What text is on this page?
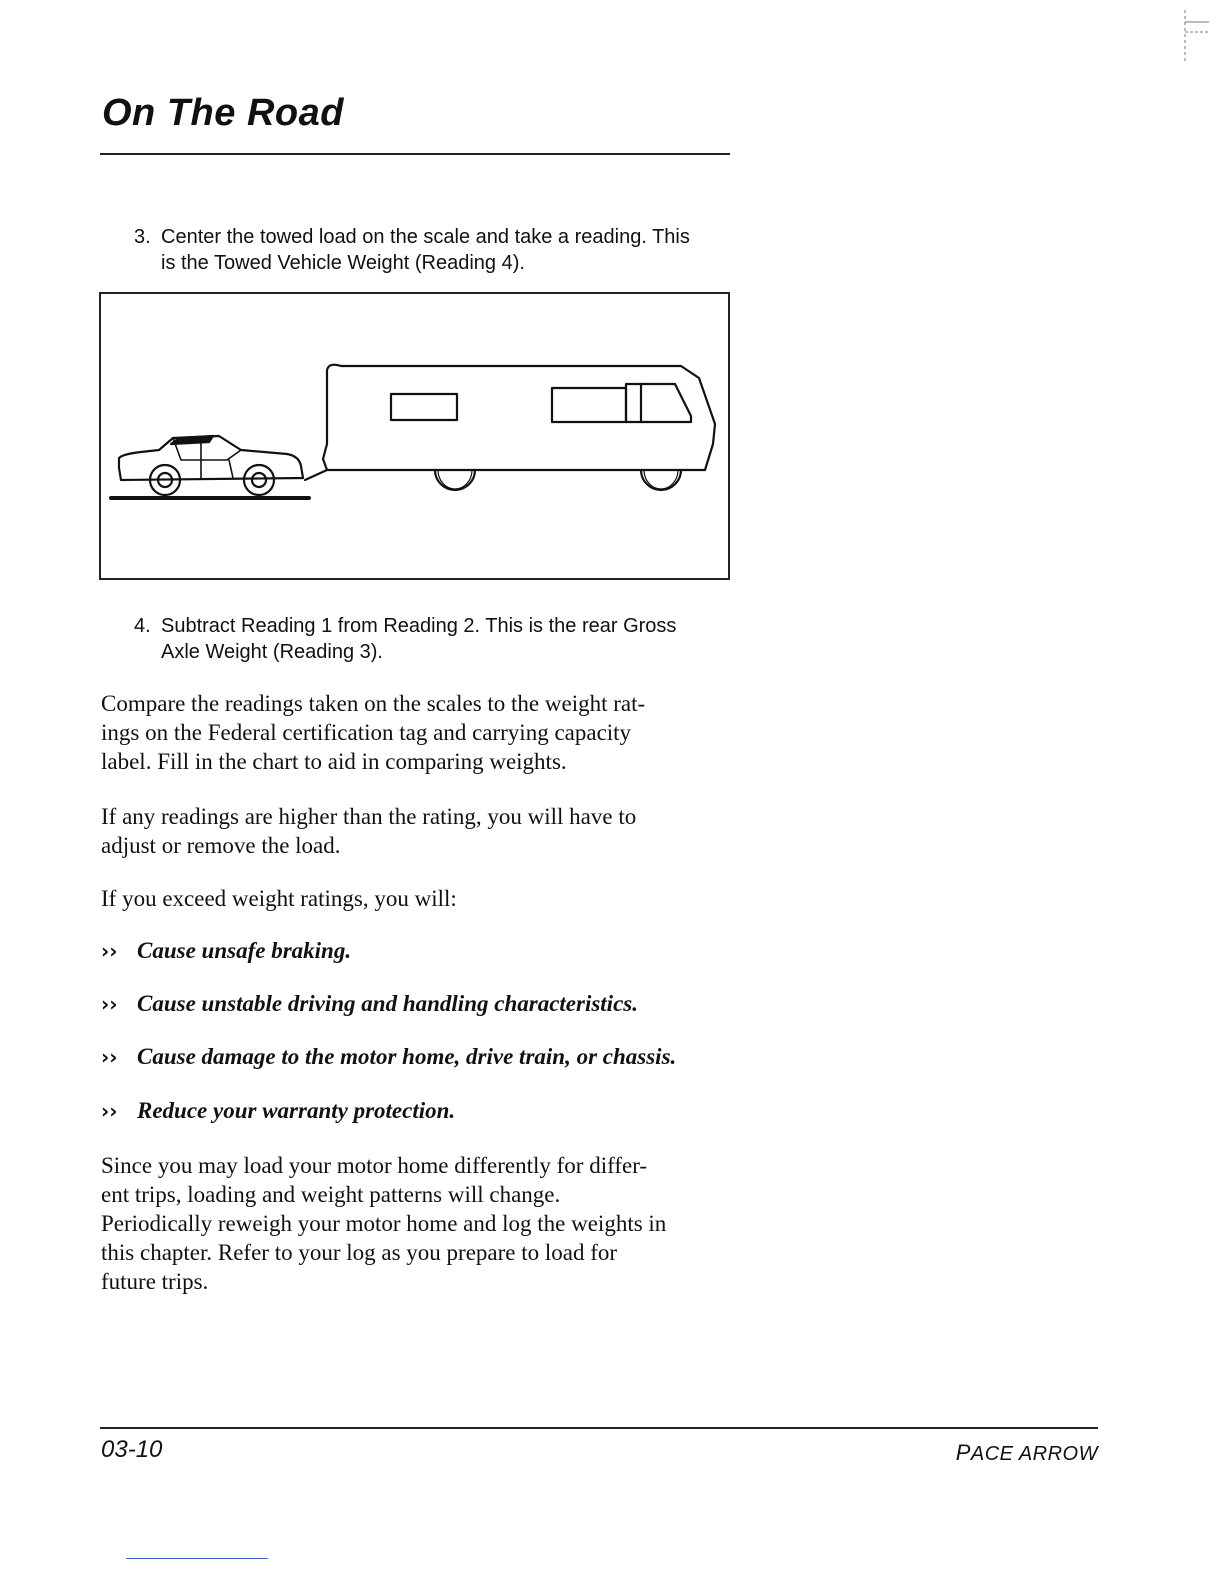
On The Road
3. Center the towed load on the scale and take a reading. This
is the Towed Vehicle Weight (Reading 4).
4. Subtract Reading 1 from Reading 2. This is the rear Gross
Axle Weight (Reading 3).
Compare the readings taken on the scales to the weight rat-
ings on the Federal certification tag and carrying capacity
label. Fill in the chart to aid in comparing weights.
If any readings are higher than the rating, you will have to
adjust or remove the load.
If you exceed weight ratings, you will:
›› Cause unsafe braking.
›› Cause unstable driving and handling characteristics.
›› Cause damage to the motor home, drive train, or chassis.
›› Reduce your warranty protection.
Since you may load your motor home differently for differ-
ent trips, loading and weight patterns will change.
Periodically reweigh your motor home and log the weights in
this chapter. Refer to your log as you prepare to load for
future trips.
03-10	PACE ARROW
